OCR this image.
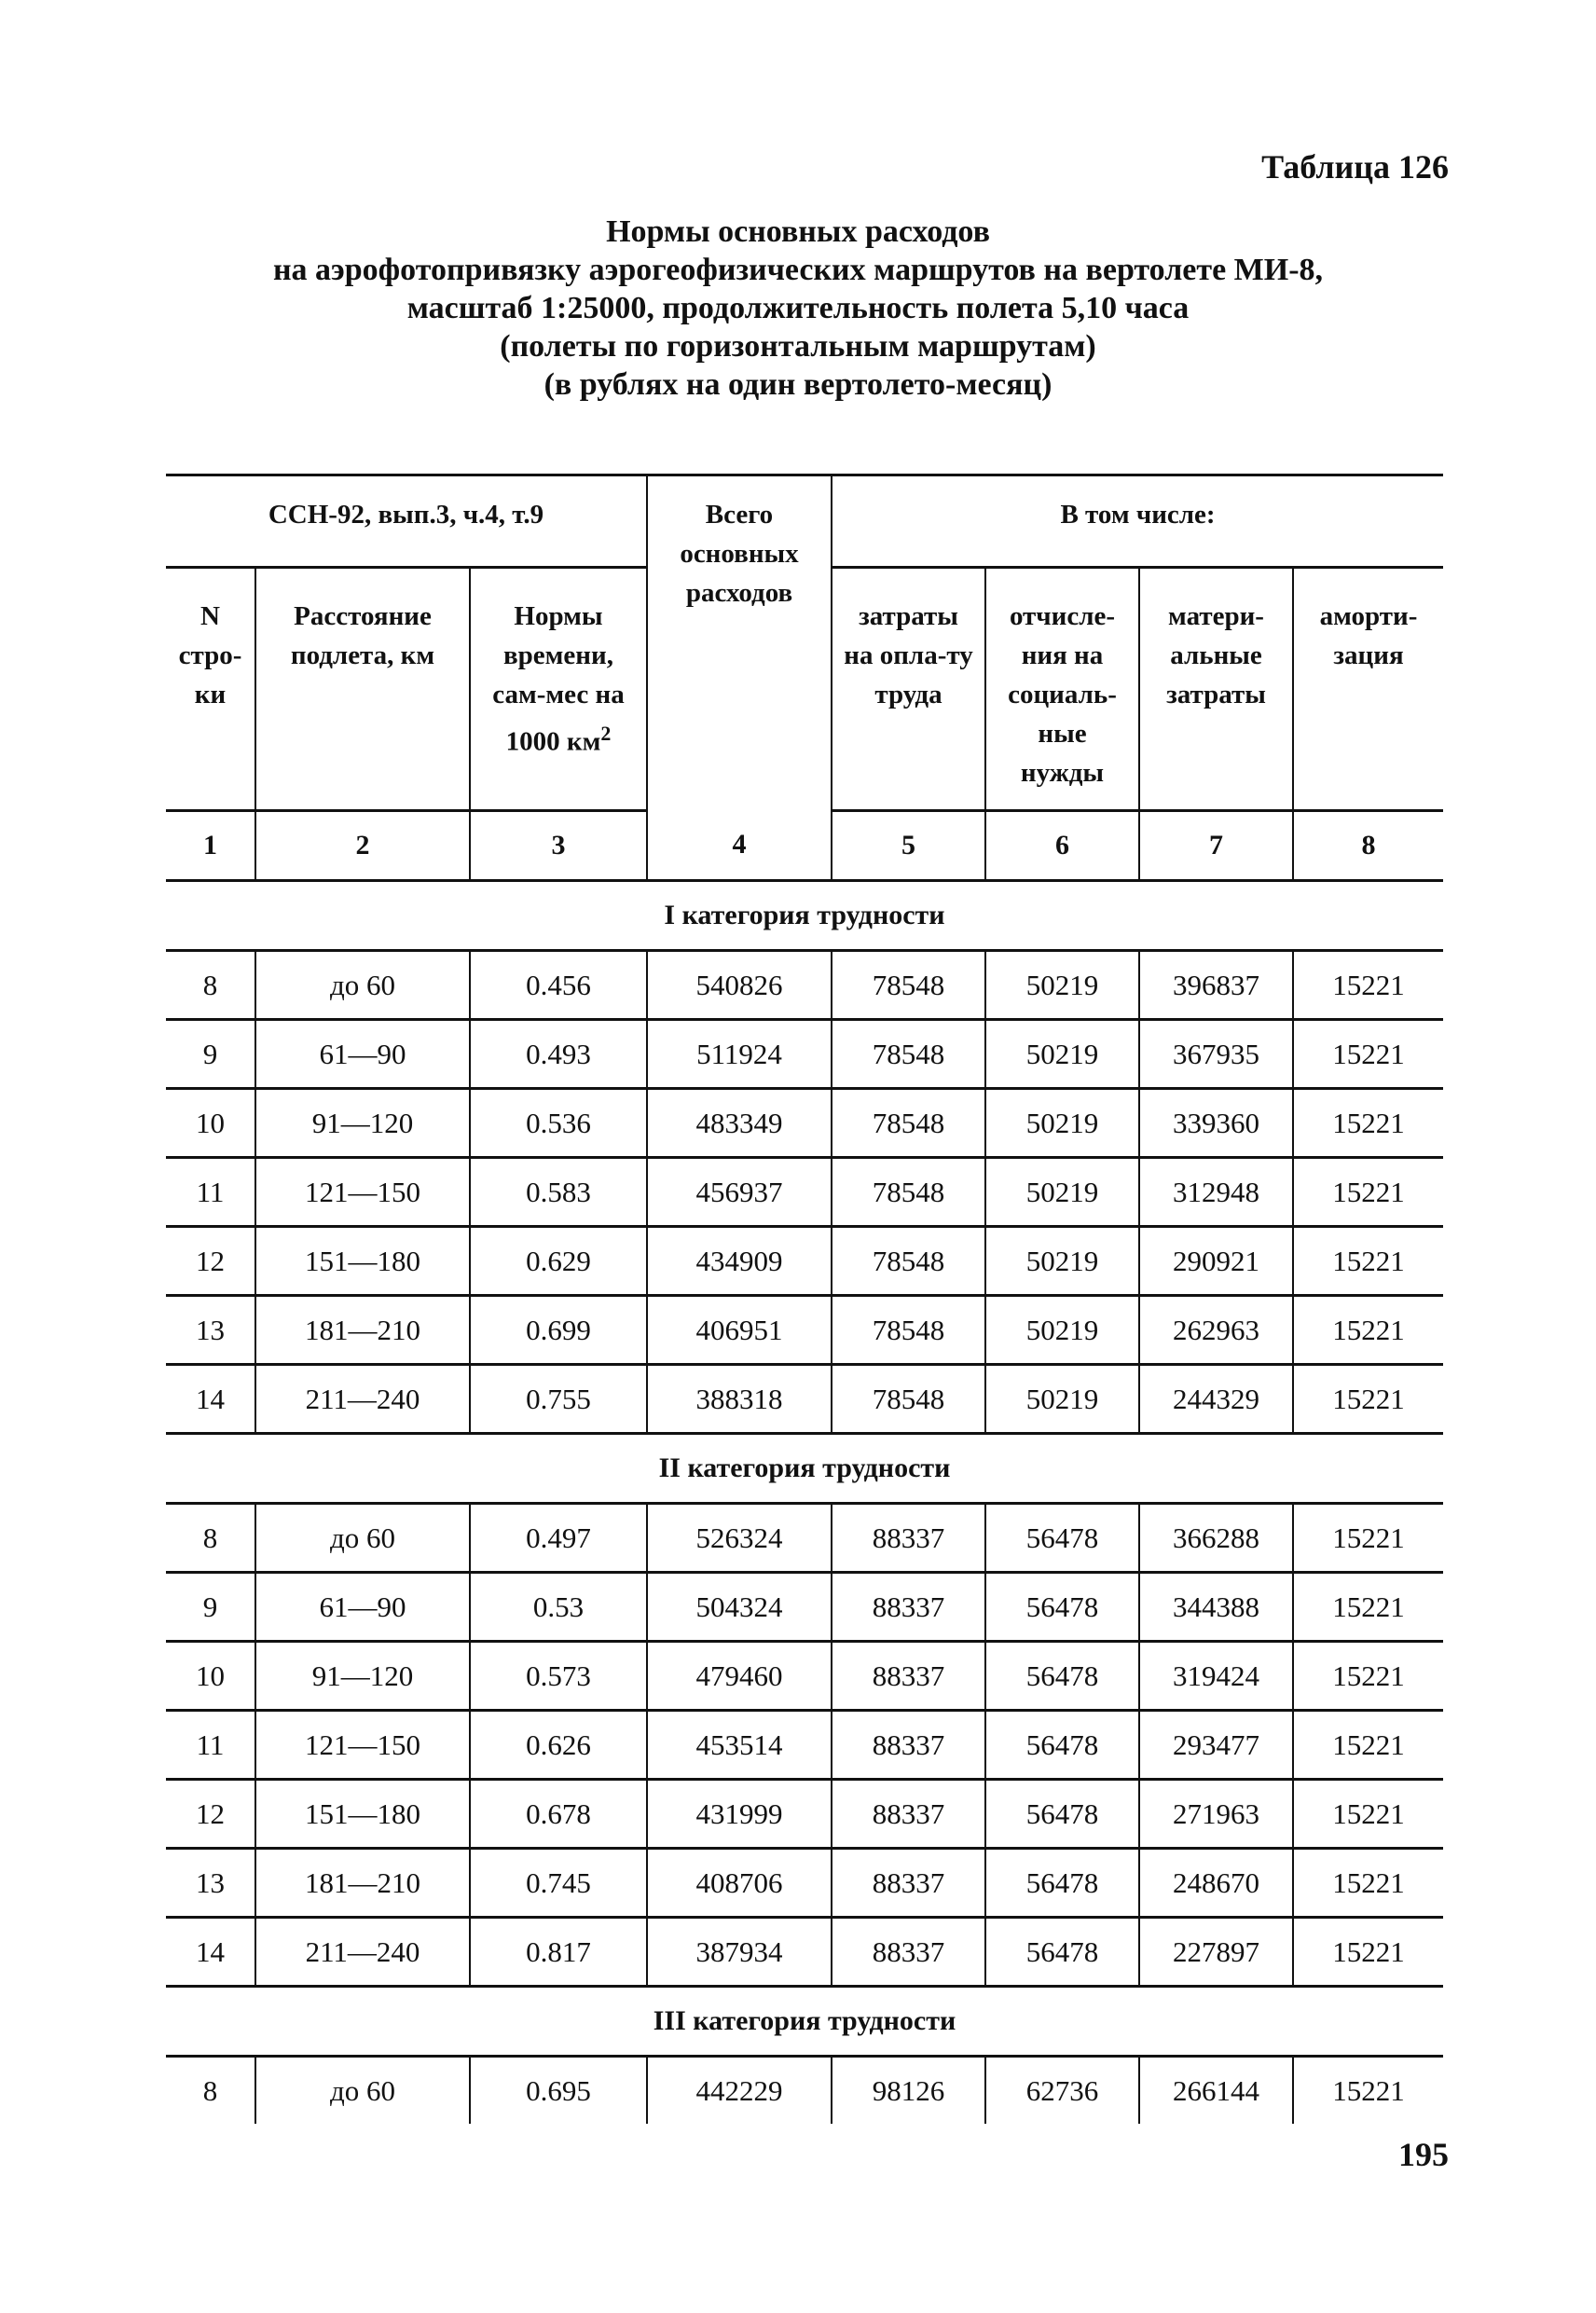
Таблица 126
Нормы основных расходов
на аэрофотопривязку аэрогеофизических маршрутов на вертолете МИ-8,
масштаб 1:25000, продолжительность полета 5,10 часа
(полеты по горизонтальным маршрутам)
(в рублях на один вертолето-месяц)
ССН-92, вып.3, ч.4, т.9			Всего основных расходов	В том числе:			
N стро-ки	Расстояние подлета, км	Нормы времени, сам-мес на 1000 $км^2$		затраты на опла-ту труда	отчисле-ния на социаль-ные нужды	матери-альные затраты	аморти-зация
1	2	3	4	5	6	7	8
I категория трудности							
8	до 60	0.456	540826	78548	50219	396837	15221
9	61—90	0.493	511924	78548	50219	367935	15221
10	91—120	0.536	483349	78548	50219	339360	15221
11	121—150	0.583	456937	78548	50219	312948	15221
12	151—180	0.629	434909	78548	50219	290921	15221
13	181—210	0.699	406951	78548	50219	262963	15221
14	211—240	0.755	388318	78548	50219	244329	15221
II категория трудности							
8	до 60	0.497	526324	88337	56478	366288	15221
9	61—90	0.53	504324	88337	56478	344388	15221
10	91—120	0.573	479460	88337	56478	319424	15221
11	121—150	0.626	453514	88337	56478	293477	15221
12	151—180	0.678	431999	88337	56478	271963	15221
13	181—210	0.745	408706	88337	56478	248670	15221
14	211—240	0.817	387934	88337	56478	227897	15221
III категория трудности							
8	до 60	0.695	442229	98126	62736	266144	15221
195
